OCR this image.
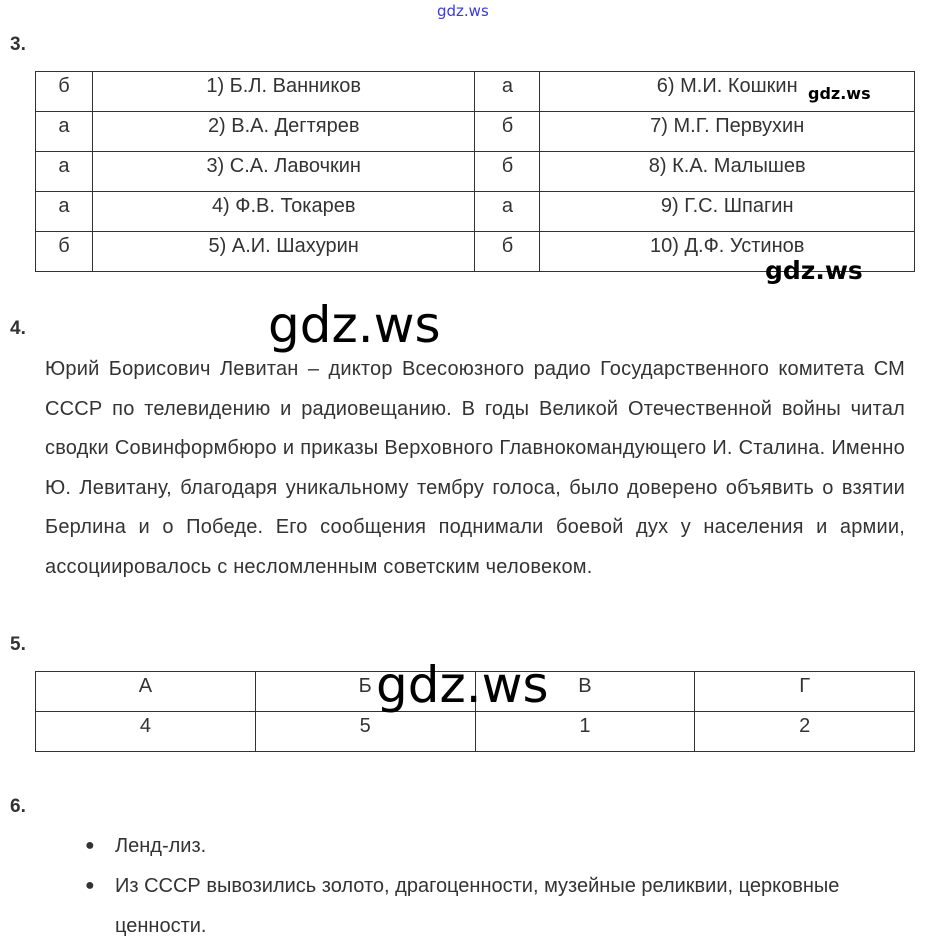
gdz.ws
3.
б	1) Б.Л. Ванников	а	6) М.И. Кошкин
а	2) В.А. Дегтярев	б	7) М.Г. Первухин
а	3) С.А. Лавочкин	б	8) К.А. Малышев
а	4) Ф.В. Токарев	а	9) Г.С. Шпагин
б	5) А.И. Шахурин	б	10) Д.Ф. Устинов
4.
Юрий Борисович Левитан – диктор Всесоюзного радио Государственного комитета СМ СССР по телевидению и радиовещанию. В годы Великой Отечественной войны читал сводки Совинформбюро и приказы Верховного Главнокомандующего И. Сталина. Именно Ю. Левитану, благодаря уникальному тембру голоса, было доверено объявить о взятии Берлина и о Победе. Его сообщения поднимали боевой дух у населения и армии, ассоциировалось с несломленным советским человеком.
5.
А	Б	В	Г
4	5	1	2
6.
● Ленд-лиз.
● Из СССР вывозились золото, драгоценности, музейные реликвии, церковные ценности.
gdz.ws
gdz.ws
gdz.ws
gdz.ws
